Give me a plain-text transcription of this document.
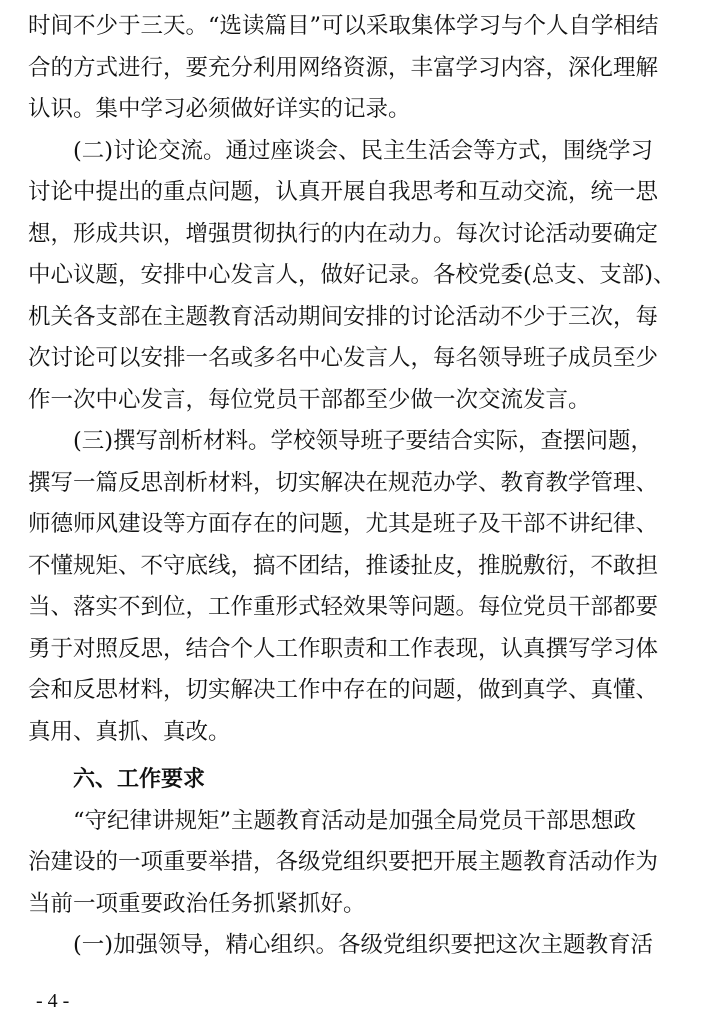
时间不少于三天。“选读篇目”可以采取集体学习与个人自学相结
合的方式进行，要充分利用网络资源，丰富学习内容，深化理解
认识。集中学习必须做好详实的记录。
(二)讨论交流。通过座谈会、民主生活会等方式，围绕学习
讨论中提出的重点问题，认真开展自我思考和互动交流，统一思
想，形成共识，增强贯彻执行的内在动力。每次讨论活动要确定
中心议题，安排中心发言人，做好记录。各校党委(总支、支部)、
机关各支部在主题教育活动期间安排的讨论活动不少于三次，每
次讨论可以安排一名或多名中心发言人，每名领导班子成员至少
作一次中心发言，每位党员干部都至少做一次交流发言。
(三)撰写剖析材料。学校领导班子要结合实际，查摆问题，
撰写一篇反思剖析材料，切实解决在规范办学、教育教学管理、
师德师风建设等方面存在的问题，尤其是班子及干部不讲纪律、
不懂规矩、不守底线，搞不团结，推诿扯皮，推脱敷衍，不敢担
当、落实不到位，工作重形式轻效果等问题。每位党员干部都要
勇于对照反思，结合个人工作职责和工作表现，认真撰写学习体
会和反思材料，切实解决工作中存在的问题，做到真学、真懂、
真用、真抓、真改。
六、工作要求
“守纪律讲规矩”主题教育活动是加强全局党员干部思想政
治建设的一项重要举措，各级党组织要把开展主题教育活动作为
当前一项重要政治任务抓紧抓好。
(一)加强领导，精心组织。各级党组织要把这次主题教育活
- 4 -
